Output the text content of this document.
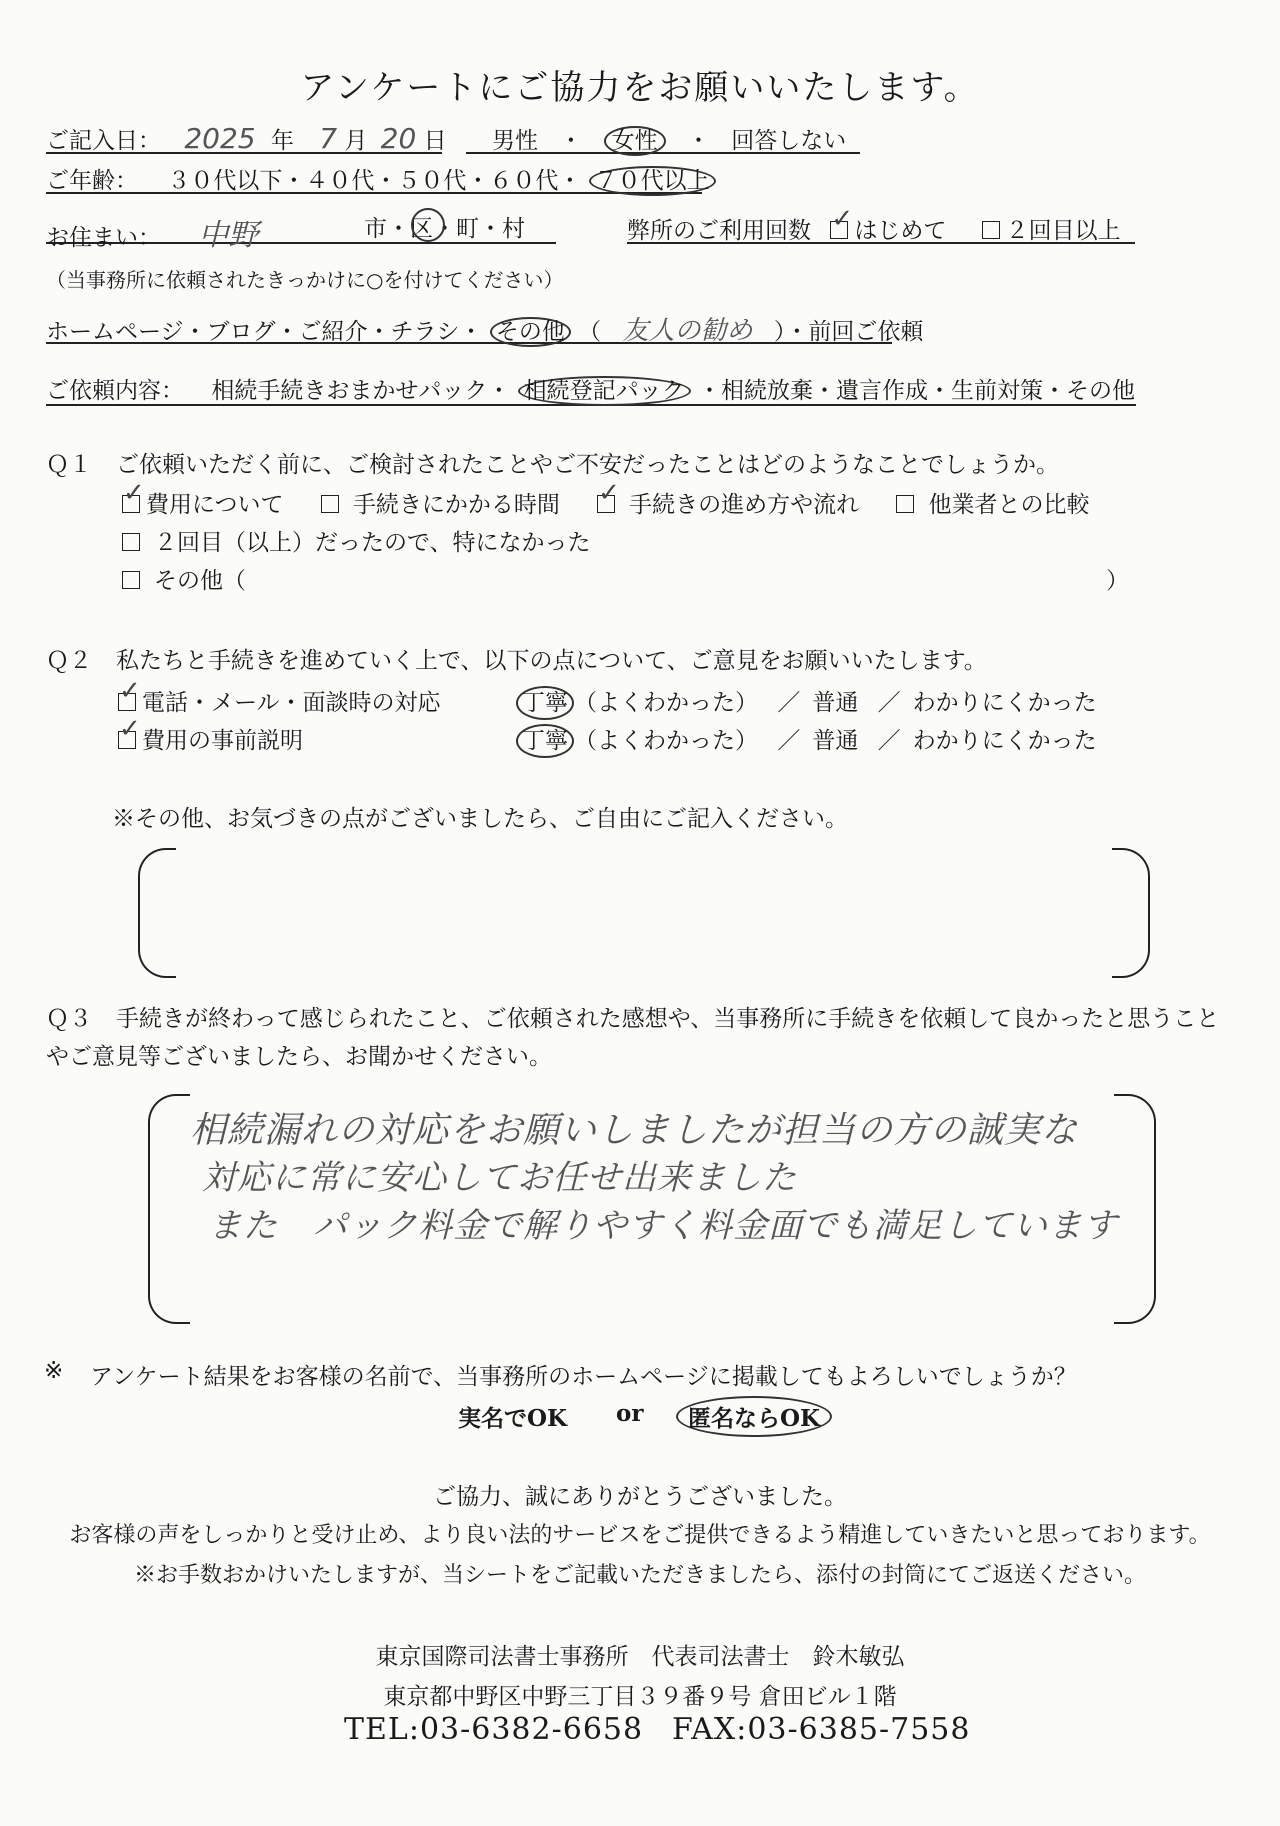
アンケートにご協力をお願いいたします。
ご記入日： 2025 年 7 月 20 日	男性 ・ 女性 ・ 回答しない
ご年齢： ３０代以下・４０代・５０代・６０代・ ７０代以上
お住まい： 中野	市・区・町・村	弊所のご利用回数 ✓ はじめて	２回目以上
（当事務所に依頼されたきっかけに○を付けてください）
ホームページ・ブログ・ご紹介・チラシ・ その他 （ 友人の勧め ）・前回ご依頼
ご依頼内容： 相続手続きおまかせパック・ 相続登記パック ・相続放棄・遺言作成・生前対策・その他
Ｑ１ ご依頼いただく前に、ご検討されたことやご不安だったことはどのようなことでしょうか。
✓費用について	手続きにかかる時間 ✓	手続きの進め方や流れ	他業者との比較
２回目（以上）だったので、特になかった
その他（	）
Ｑ２ 私たちと手続きを進めていく上で、以下の点について、ご意見をお願いいたします。
✓電話・メール・面談時の対応	丁寧 （よくわかった） ／ 普通 ／ わかりにくかった
✓費用の事前説明	丁寧 （よくわかった） ／ 普通 ／ わかりにくかった
※その他、お気づきの点がございましたら、ご自由にご記入ください。
Ｑ３ 手続きが終わって感じられたこと、ご依頼された感想や、当事務所に手続きを依頼して良かったと思うこと
やご意見等ございましたら、お聞かせください。
相続漏れの対応をお願いしましたが担当の方の誠実な
対応に常に安心してお任せ出来ました
また　パック料金で解りやすく料金面でも満足しています
※ アンケート結果をお客様の名前で、当事務所のホームページに掲載してもよろしいでしょうか？
実名でOK or	匿名ならOK
ご協力、誠にありがとうございました。
お客様の声をしっかりと受け止め、より良い法的サービスをご提供できるよう精進していきたいと思っております。
※お手数おかけいたしますが、当シートをご記載いただきましたら、添付の封筒にてご返送ください。
東京国際司法書士事務所　代表司法書士　鈴木敏弘
東京都中野区中野三丁目３９番９号 倉田ビル１階
TEL:03-6382-6658 FAX:03-6385-7558
